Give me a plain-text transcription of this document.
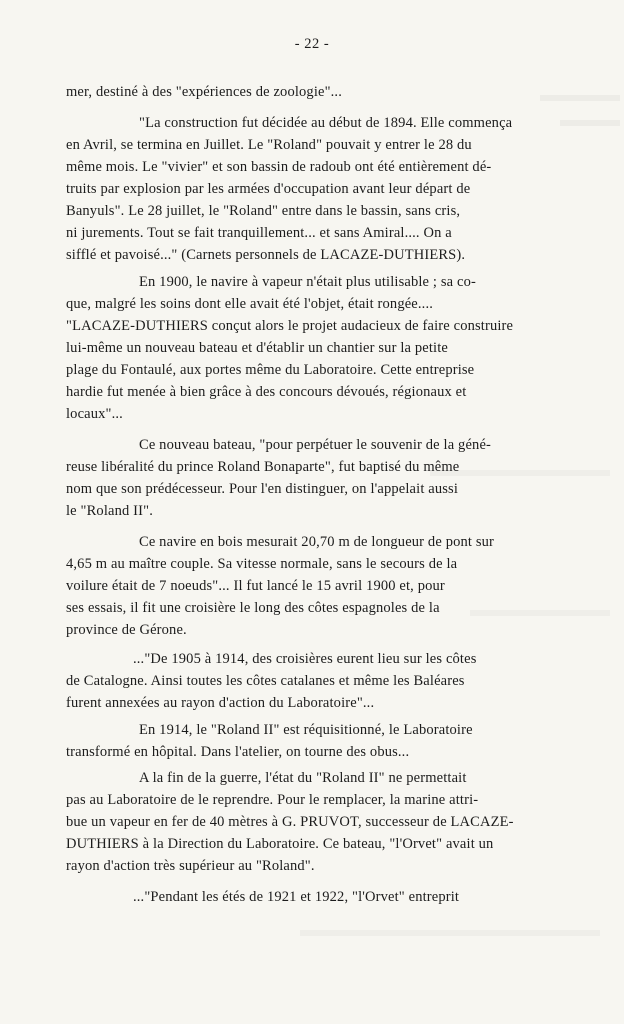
- 22 -
mer, destiné à des "expériences de zoologie"...
"La construction fut décidée au début de 1894. Elle commença
en Avril, se termina en Juillet. Le "Roland" pouvait y entrer le 28 du
même mois. Le "vivier" et son bassin de radoub ont été entièrement dé-
truits par explosion par les armées d'occupation avant leur départ de
Banyuls". Le 28 juillet, le "Roland" entre dans le bassin, sans cris,
ni jurements. Tout se fait tranquillement... et sans Amiral.... On a
sifflé et pavoisé..." (Carnets personnels de LACAZE-DUTHIERS).
En 1900, le navire à vapeur n'était plus utilisable ; sa co-
que, malgré les soins dont elle avait été l'objet, était rongée....
"LACAZE-DUTHIERS conçut alors le projet audacieux de faire construire
lui-même un nouveau bateau et d'établir un chantier sur la petite
plage du Fontaulé, aux portes même du Laboratoire. Cette entreprise
hardie fut menée à bien grâce à des concours dévoués, régionaux et
locaux"...
Ce nouveau bateau, "pour perpétuer le souvenir de la géné-
reuse libéralité du prince Roland Bonaparte", fut baptisé du même
nom que son prédécesseur. Pour l'en distinguer, on l'appelait aussi
le "Roland II".
Ce navire en bois mesurait 20,70 m de longueur de pont sur
4,65 m au maître couple. Sa vitesse normale, sans le secours de la
voilure était de 7 noeuds"... Il fut lancé le 15 avril 1900 et, pour
ses essais, il fit une croisière le long des côtes espagnoles de la
province de Gérone.
..."De 1905 à 1914, des croisières eurent lieu sur les côtes
de Catalogne. Ainsi toutes les côtes catalanes et même les Baléares
furent annexées au rayon d'action du Laboratoire"...
En 1914, le "Roland II" est réquisitionné, le Laboratoire
transformé en hôpital. Dans l'atelier, on tourne des obus...
A la fin de la guerre, l'état du "Roland II" ne permettait
pas au Laboratoire de le reprendre. Pour le remplacer, la marine attri-
bue un vapeur en fer de 40 mètres à G. PRUVOT, successeur de LACAZE-
DUTHIERS à la Direction du Laboratoire. Ce bateau, "l'Orvet" avait un
rayon d'action très supérieur au "Roland".
..."Pendant les étés de 1921 et 1922, "l'Orvet" entreprit
